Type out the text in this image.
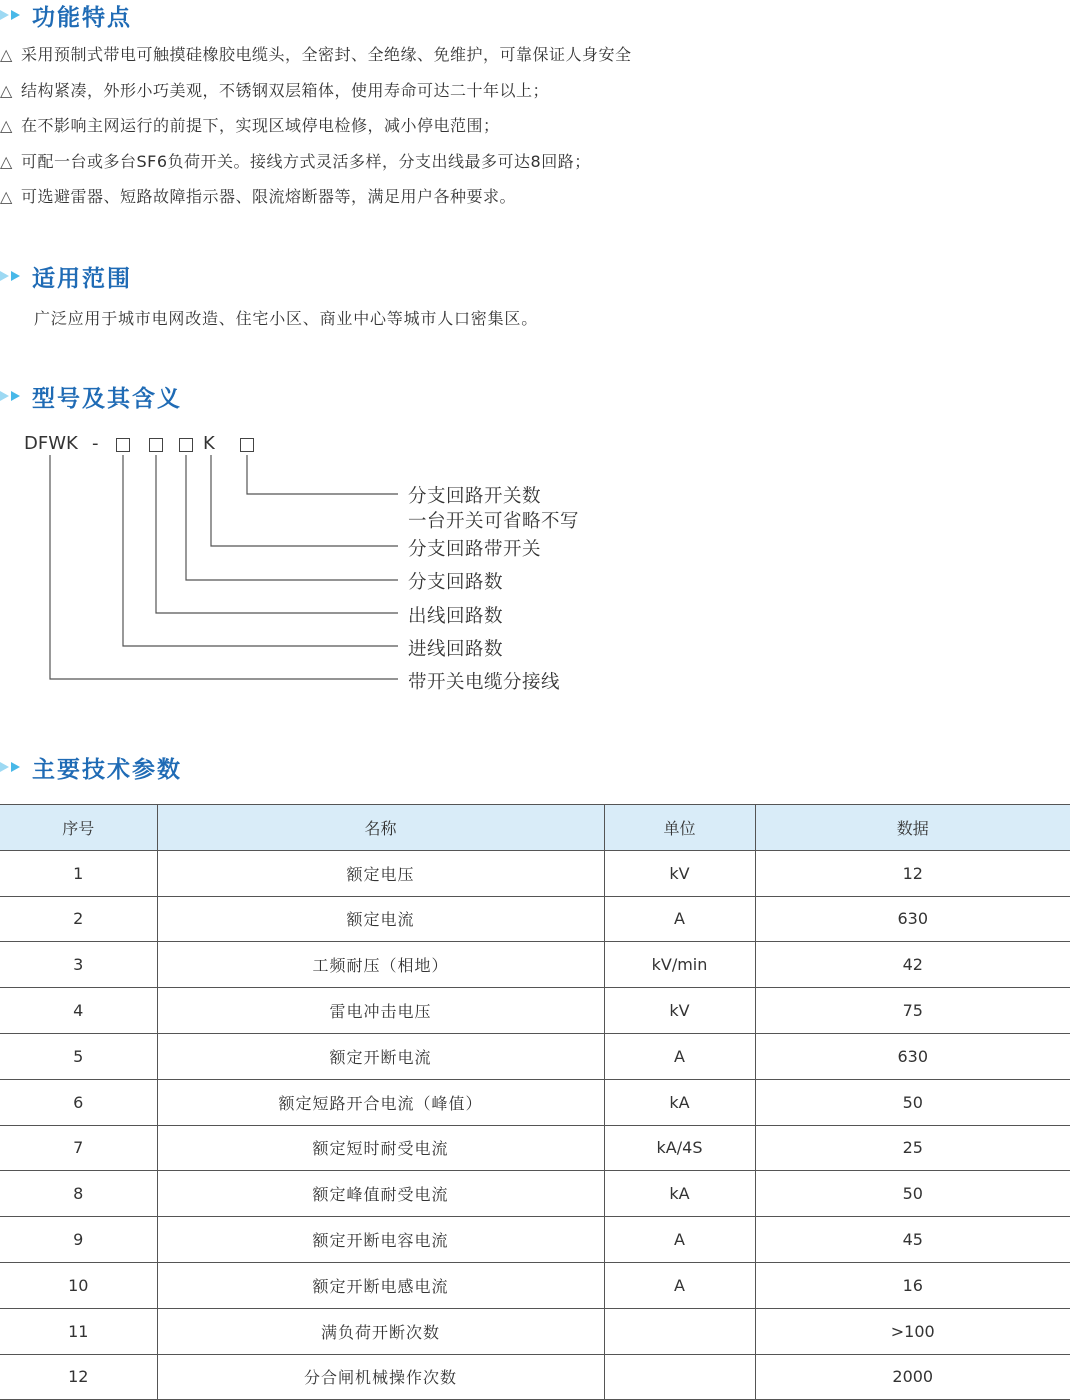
功能特点
△ 采用预制式带电可触摸硅橡胶电缆头，全密封、全绝缘、免维护，可靠保证人身安全
△ 结构紧凑，外形小巧美观，不锈钢双层箱体，使用寿命可达二十年以上；
△ 在不影响主网运行的前提下，实现区域停电检修，减小停电范围；
△ 可配一台或多台SF6负荷开关。接线方式灵活多样，分支出线最多可达8回路；
△ 可选避雷器、短路故障指示器、限流熔断器等，满足用户各种要求。
适用范围
广泛应用于城市电网改造、住宅小区、商业中心等城市人口密集区。
型号及其含义
DFWK -	K
分支回路开关数
一台开关可省略不写
分支回路带开关
分支回路数
出线回路数
进线回路数
带开关电缆分接线
主要技术参数
序号	名称	单位	数据
1	额定电压	kV	12
2	额定电流	A	630
3	工频耐压（相地）	kV/min	42
4	雷电冲击电压	kV	75
5	额定开断电流	A	630
6	额定短路开合电流（峰值）	kA	50
7	额定短时耐受电流	kA/4S	25
8	额定峰值耐受电流	kA	50
9	额定开断电容电流	A	45
10	额定开断电感电流	A	16
11	满负荷开断次数		>100
12	分合闸机械操作次数		2000
